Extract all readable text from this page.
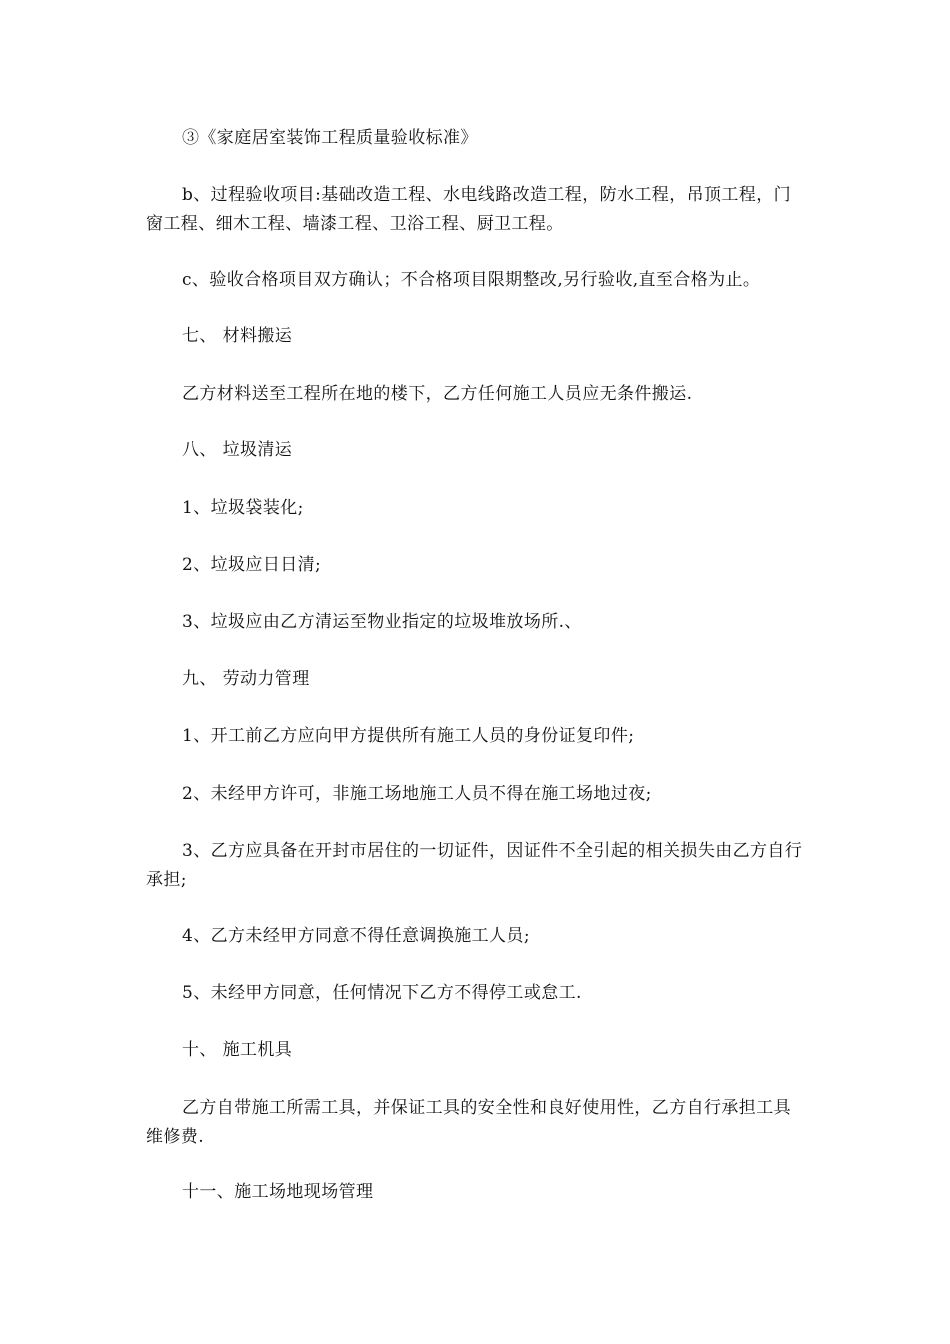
③《家庭居室装饰工程质量验收标准》

b、过程验收项目:基础改造工程、水电线路改造工程，防水工程，吊顶工程，门窗工程、细木工程、墙漆工程、卫浴工程、厨卫工程。

c、验收合格项目双方确认；不合格项目限期整改,另行验收,直至合格为止。

七、 材料搬运

乙方材料送至工程所在地的楼下，乙方任何施工人员应无条件搬运.

八、 垃圾清运

1、垃圾袋装化;

2、垃圾应日日清;

3、垃圾应由乙方清运至物业指定的垃圾堆放场所.、

九、 劳动力管理

1、开工前乙方应向甲方提供所有施工人员的身份证复印件;

2、未经甲方许可，非施工场地施工人员不得在施工场地过夜;

3、乙方应具备在开封市居住的一切证件，因证件不全引起的相关损失由乙方自行承担;

4、乙方未经甲方同意不得任意调换施工人员;

5、未经甲方同意，任何情况下乙方不得停工或怠工.

十、 施工机具

乙方自带施工所需工具，并保证工具的安全性和良好使用性，乙方自行承担工具维修费.

十一、施工场地现场管理
